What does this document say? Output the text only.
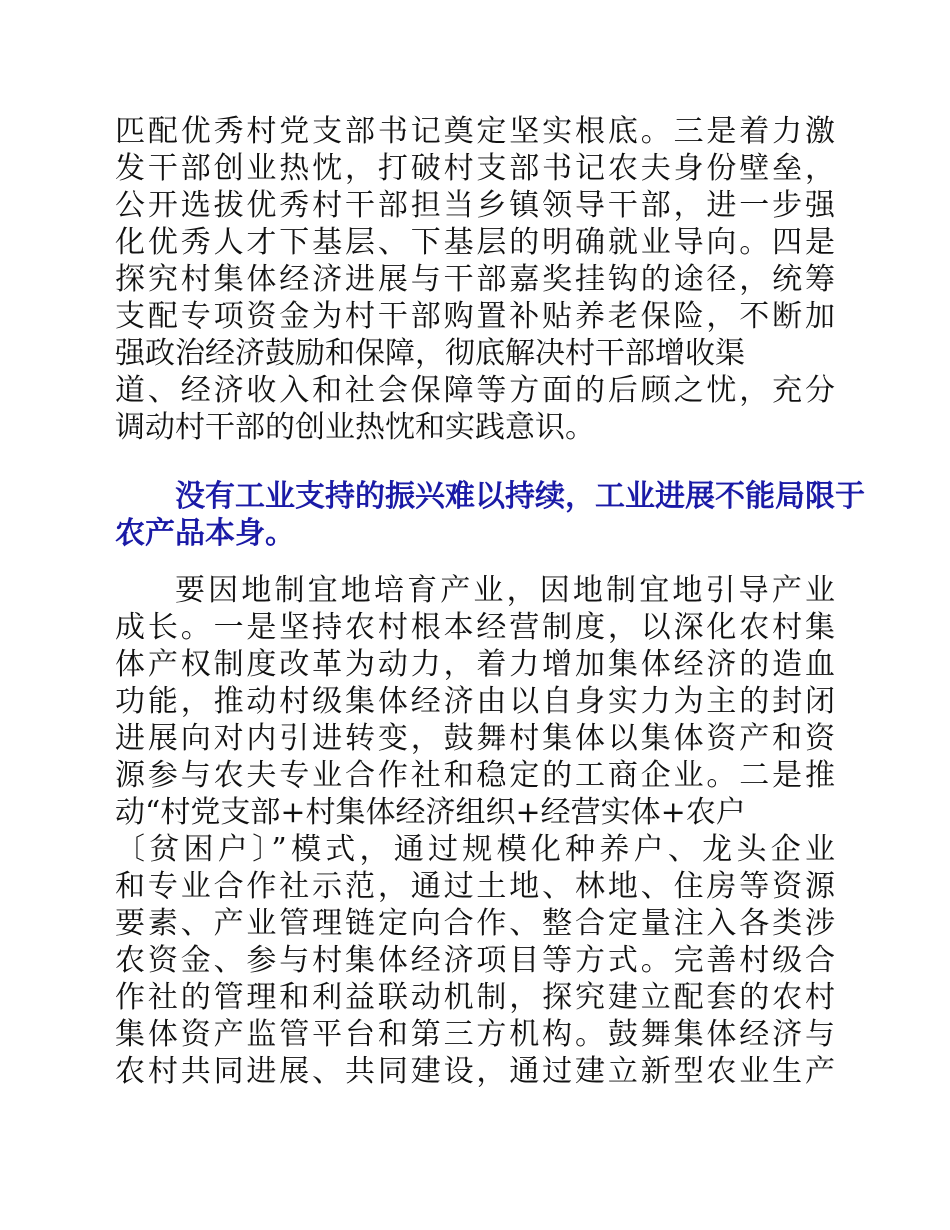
匹配优秀村党支部书记奠定坚实根底。三是着力激
发干部创业热忱，打破村支部书记农夫身份壁垒，
公开选拔优秀村干部担当乡镇领导干部，进一步强
化优秀人才下基层、下基层的明确就业导向。四是
探究村集体经济进展与干部嘉奖挂钩的途径，统筹
支配专项资金为村干部购置补贴养老保险，不断加
强政治经济鼓励和保障，彻底解决村干部增收渠
道、经济收入和社会保障等方面的后顾之忧，充分
调动村干部的创业热忱和实践意识。
没有工业支持的振兴难以持续，工业进展不能局限于
农产品本身。
要因地制宜地培育产业，因地制宜地引导产业
成长。一是坚持农村根本经营制度，以深化农村集
体产权制度改革为动力，着力增加集体经济的造血
功能，推动村级集体经济由以自身实力为主的封闭
进展向对内引进转变，鼓舞村集体以集体资产和资
源参与农夫专业合作社和稳定的工商企业。二是推
动“村党支部+村集体经济组织+经营实体+农户
〔贫困户〕”模式，通过规模化种养户、龙头企业
和专业合作社示范，通过土地、林地、住房等资源
要素、产业管理链定向合作、整合定量注入各类涉
农资金、参与村集体经济项目等方式。完善村级合
作社的管理和利益联动机制，探究建立配套的农村
集体资产监管平台和第三方机构。鼓舞集体经济与
农村共同进展、共同建设，通过建立新型农业生产
